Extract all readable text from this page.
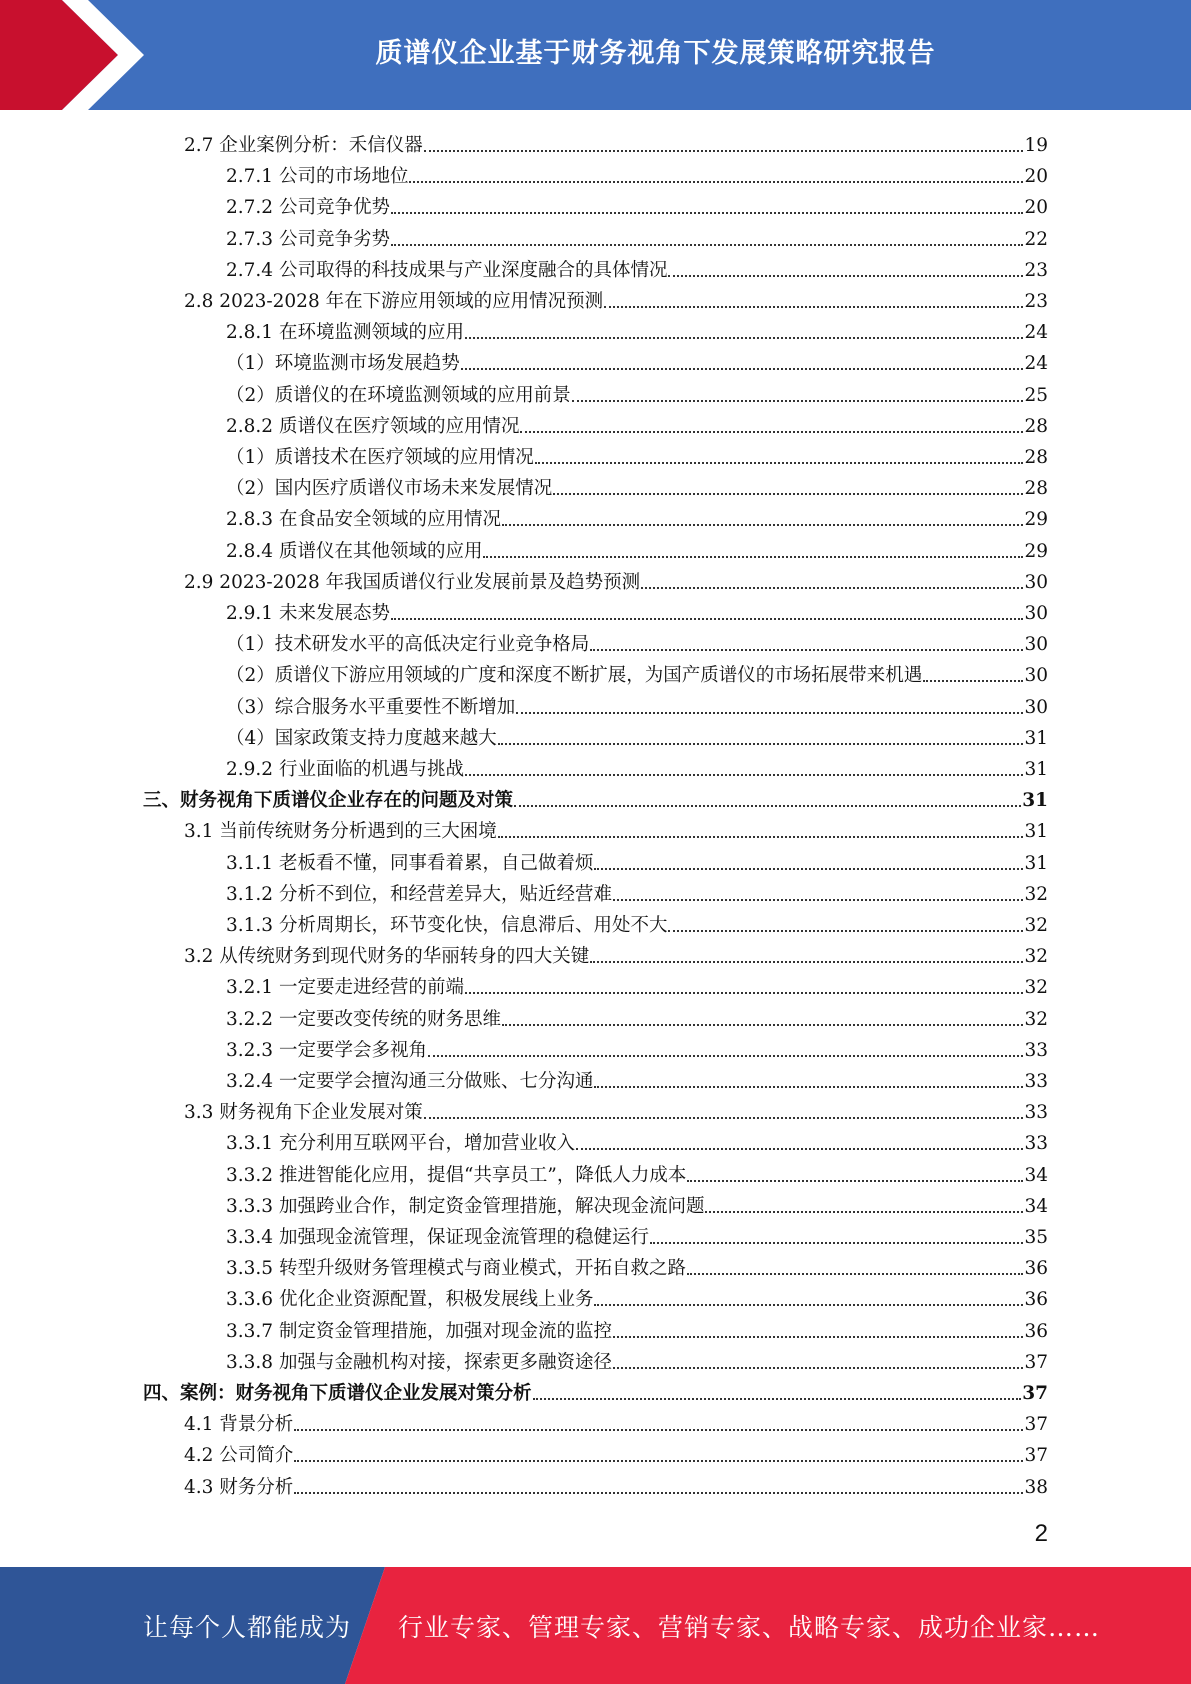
质谱仪企业基于财务视角下发展策略研究报告
2.7 企业案例分析：禾信仪器	19
2.7.1 公司的市场地位	20
2.7.2 公司竞争优势	20
2.7.3 公司竞争劣势	22
2.7.4 公司取得的科技成果与产业深度融合的具体情况	23
2.8 2023-2028 年在下游应用领域的应用情况预测	23
2.8.1 在环境监测领域的应用	24
（1）环境监测市场发展趋势	24
（2）质谱仪的在环境监测领域的应用前景	25
2.8.2 质谱仪在医疗领域的应用情况	28
（1）质谱技术在医疗领域的应用情况	28
（2）国内医疗质谱仪市场未来发展情况	28
2.8.3 在食品安全领域的应用情况	29
2.8.4 质谱仪在其他领域的应用	29
2.9 2023-2028 年我国质谱仪行业发展前景及趋势预测	30
2.9.1 未来发展态势	30
（1）技术研发水平的高低决定行业竞争格局	30
（2）质谱仪下游应用领域的广度和深度不断扩展，为国产质谱仪的市场拓展带来机遇	30
（3）综合服务水平重要性不断增加	30
（4）国家政策支持力度越来越大	31
2.9.2 行业面临的机遇与挑战	31
三、财务视角下质谱仪企业存在的问题及对策	31
3.1 当前传统财务分析遇到的三大困境	31
3.1.1 老板看不懂，同事看着累，自己做着烦	31
3.1.2 分析不到位，和经营差异大，贴近经营难	32
3.1.3 分析周期长，环节变化快，信息滞后、用处不大	32
3.2 从传统财务到现代财务的华丽转身的四大关键	32
3.2.1 一定要走进经营的前端	32
3.2.2 一定要改变传统的财务思维	32
3.2.3 一定要学会多视角	33
3.2.4 一定要学会擅沟通三分做账、七分沟通	33
3.3 财务视角下企业发展对策	33
3.3.1 充分利用互联网平台，增加营业收入	33
3.3.2 推进智能化应用，提倡“共享员工”，降低人力成本	34
3.3.3 加强跨业合作，制定资金管理措施，解决现金流问题	34
3.3.4 加强现金流管理，保证现金流管理的稳健运行	35
3.3.5 转型升级财务管理模式与商业模式，开拓自救之路	36
3.3.6 优化企业资源配置，积极发展线上业务	36
3.3.7 制定资金管理措施，加强对现金流的监控	36
3.3.8 加强与金融机构对接，探索更多融资途径	37
四、案例：财务视角下质谱仪企业发展对策分析	37
4.1 背景分析	37
4.2 公司简介	37
4.3 财务分析	38
2
让每个人都能成为 行业专家、管理专家、营销专家、战略专家、成功企业家……
